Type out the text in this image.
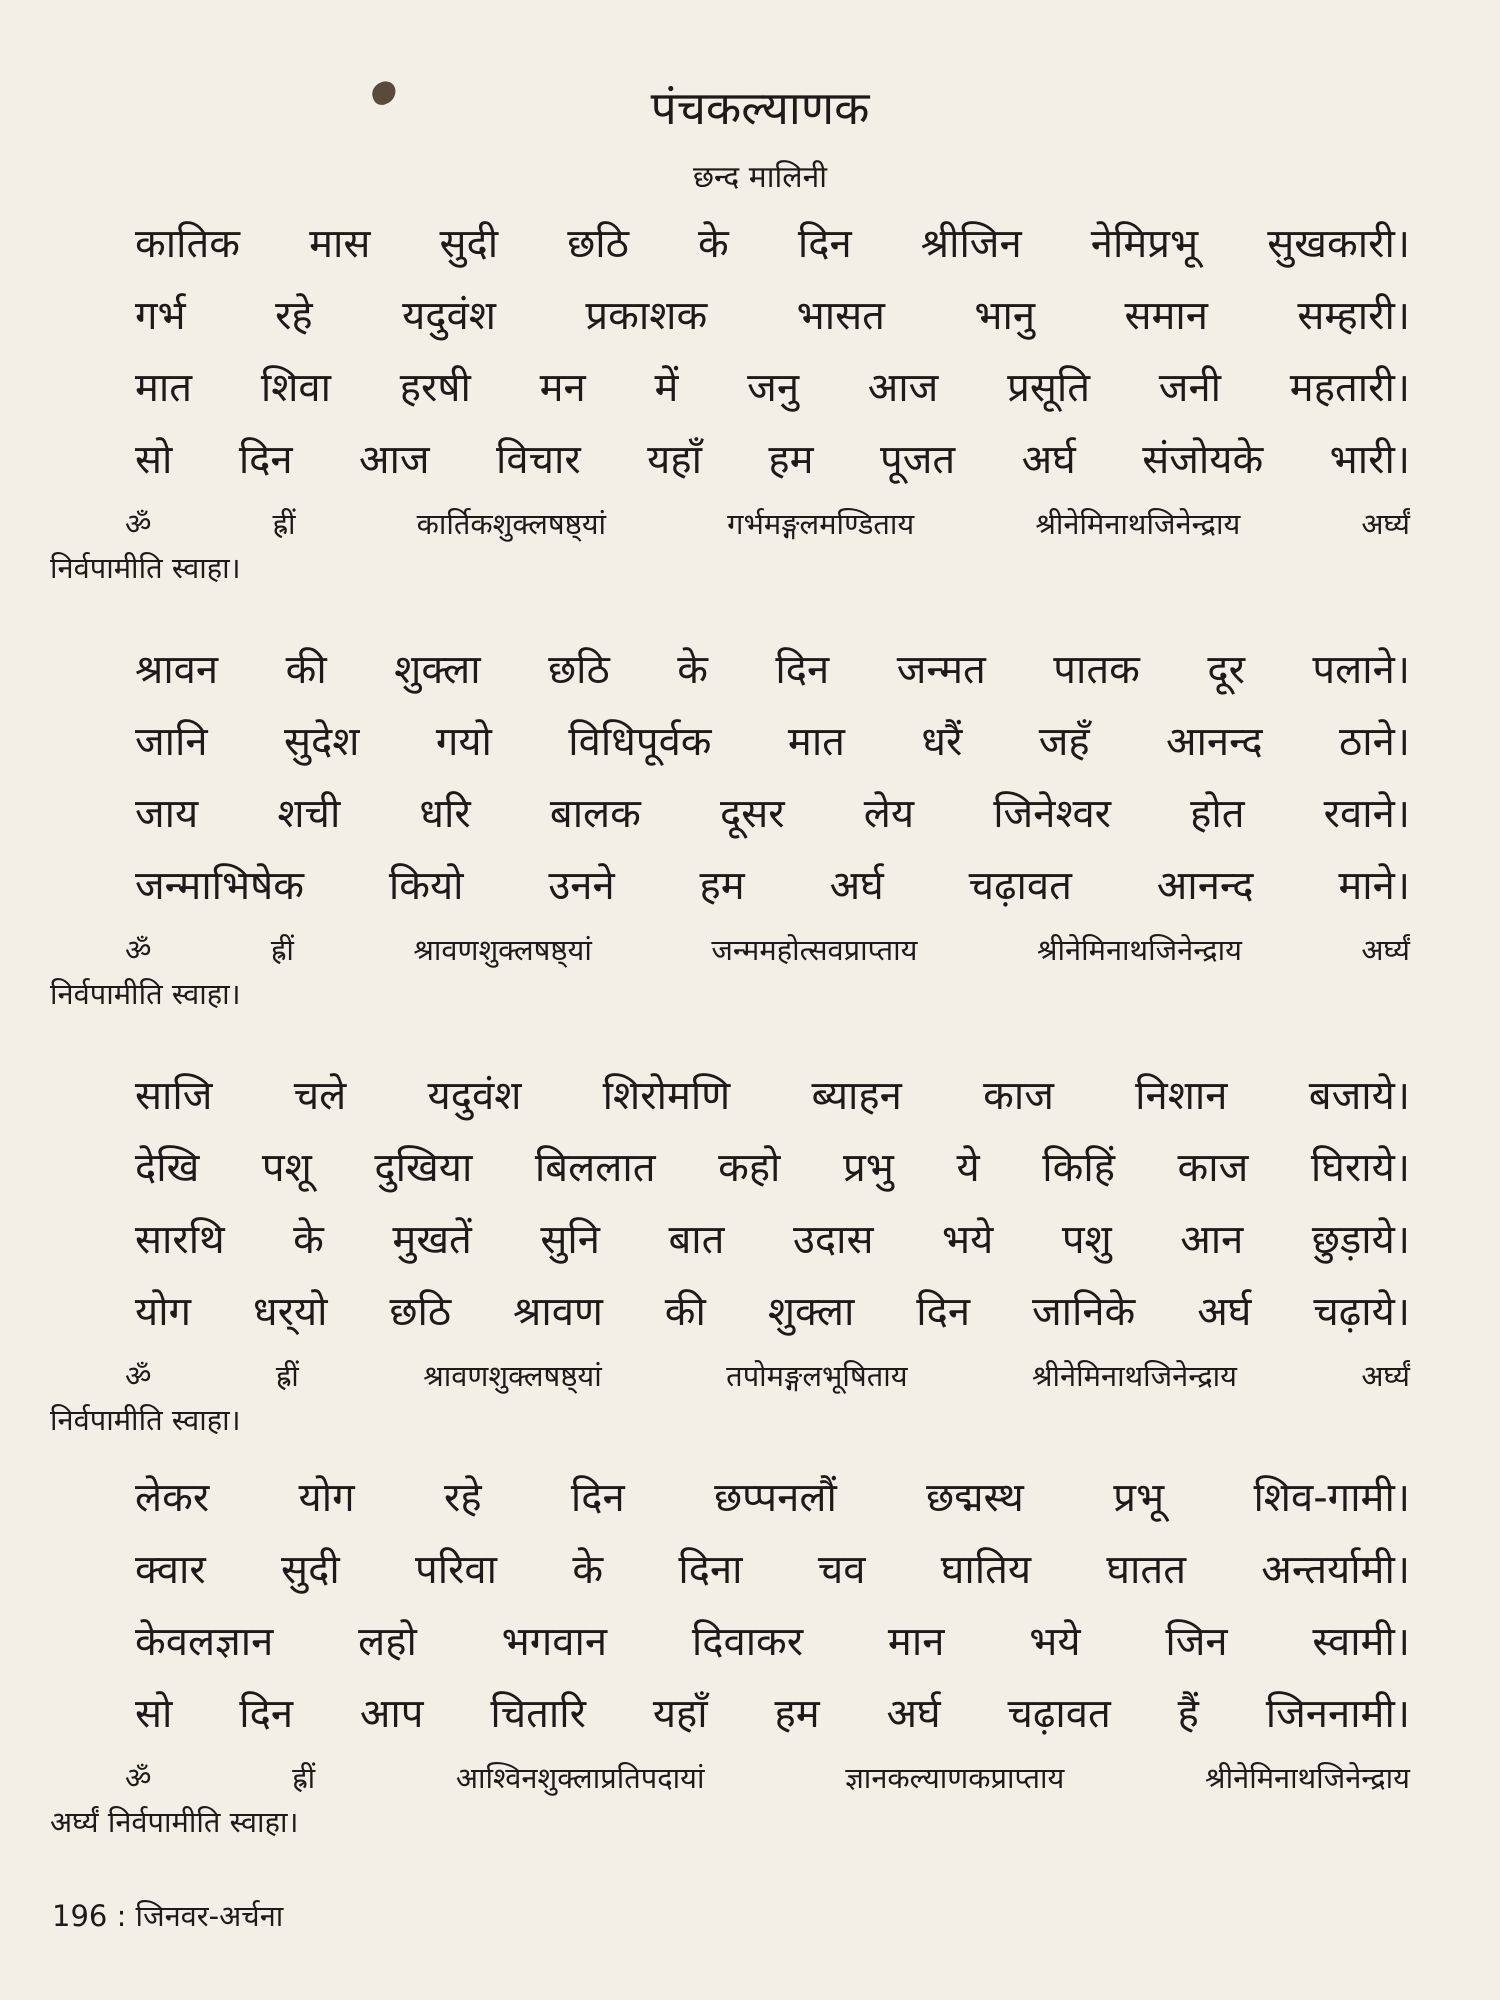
पंचकल्याणक
छन्द मालिनी
कातिक मास सुदी छठि के दिन श्रीजिन नेमिप्रभू सुखकारी।
गर्भ रहे यदुवंश प्रकाशक भासत भानु समान सम्हारी।
मात शिवा हरषी मन में जनु आज प्रसूति जनी महतारी।
सो दिन आज विचार यहाँ हम पूजत अर्घ संजोयके भारी।
ॐ ह्रीं कार्तिकशुक्लषष्ठ्यां गर्भमङ्गलमण्डिताय श्रीनेमिनाथजिनेन्द्राय अर्घ्यं
निर्वपामीति स्वाहा।
श्रावन की शुक्ला छठि के दिन जन्मत पातक दूर पलाने।
जानि सुदेश गयो विधिपूर्वक मात धरैं जहँ आनन्द ठाने।
जाय शची धरि बालक दूसर लेय जिनेश्वर होत रवाने।
जन्माभिषेक कियो उनने हम अर्घ चढ़ावत आनन्द माने।
ॐ ह्रीं श्रावणशुक्लषष्ठ्यां जन्ममहोत्सवप्राप्ताय श्रीनेमिनाथजिनेन्द्राय अर्घ्यं
निर्वपामीति स्वाहा।
साजि चले यदुवंश शिरोमणि ब्याहन काज निशान बजाये।
देखि पशू दुखिया बिललात कहो प्रभु ये किहिं काज घिराये।
सारथि के मुखतें सुनि बात उदास भये पशु आन छुड़ाये।
योग धर्‌यो छठि श्रावण की शुक्ला दिन जानिके अर्घ चढ़ाये।
ॐ ह्रीं श्रावणशुक्लषष्ठ्यां तपोमङ्गलभूषिताय श्रीनेमिनाथजिनेन्द्राय अर्घ्यं
निर्वपामीति स्वाहा।
लेकर योग रहे दिन छप्पनलौं छद्मस्थ प्रभू शिव-गामी।
क्वार सुदी परिवा के दिना चव घातिय घातत अन्तर्यामी।
केवलज्ञान लहो भगवान दिवाकर मान भये जिन स्वामी।
सो दिन आप चितारि यहाँ हम अर्घ चढ़ावत हैं जिननामी।
ॐ ह्रीं आश्विनशुक्लाप्रतिपदायां ज्ञानकल्याणकप्राप्ताय श्रीनेमिनाथजिनेन्द्राय
अर्घ्यं निर्वपामीति स्वाहा।
196 : जिनवर-अर्चना
